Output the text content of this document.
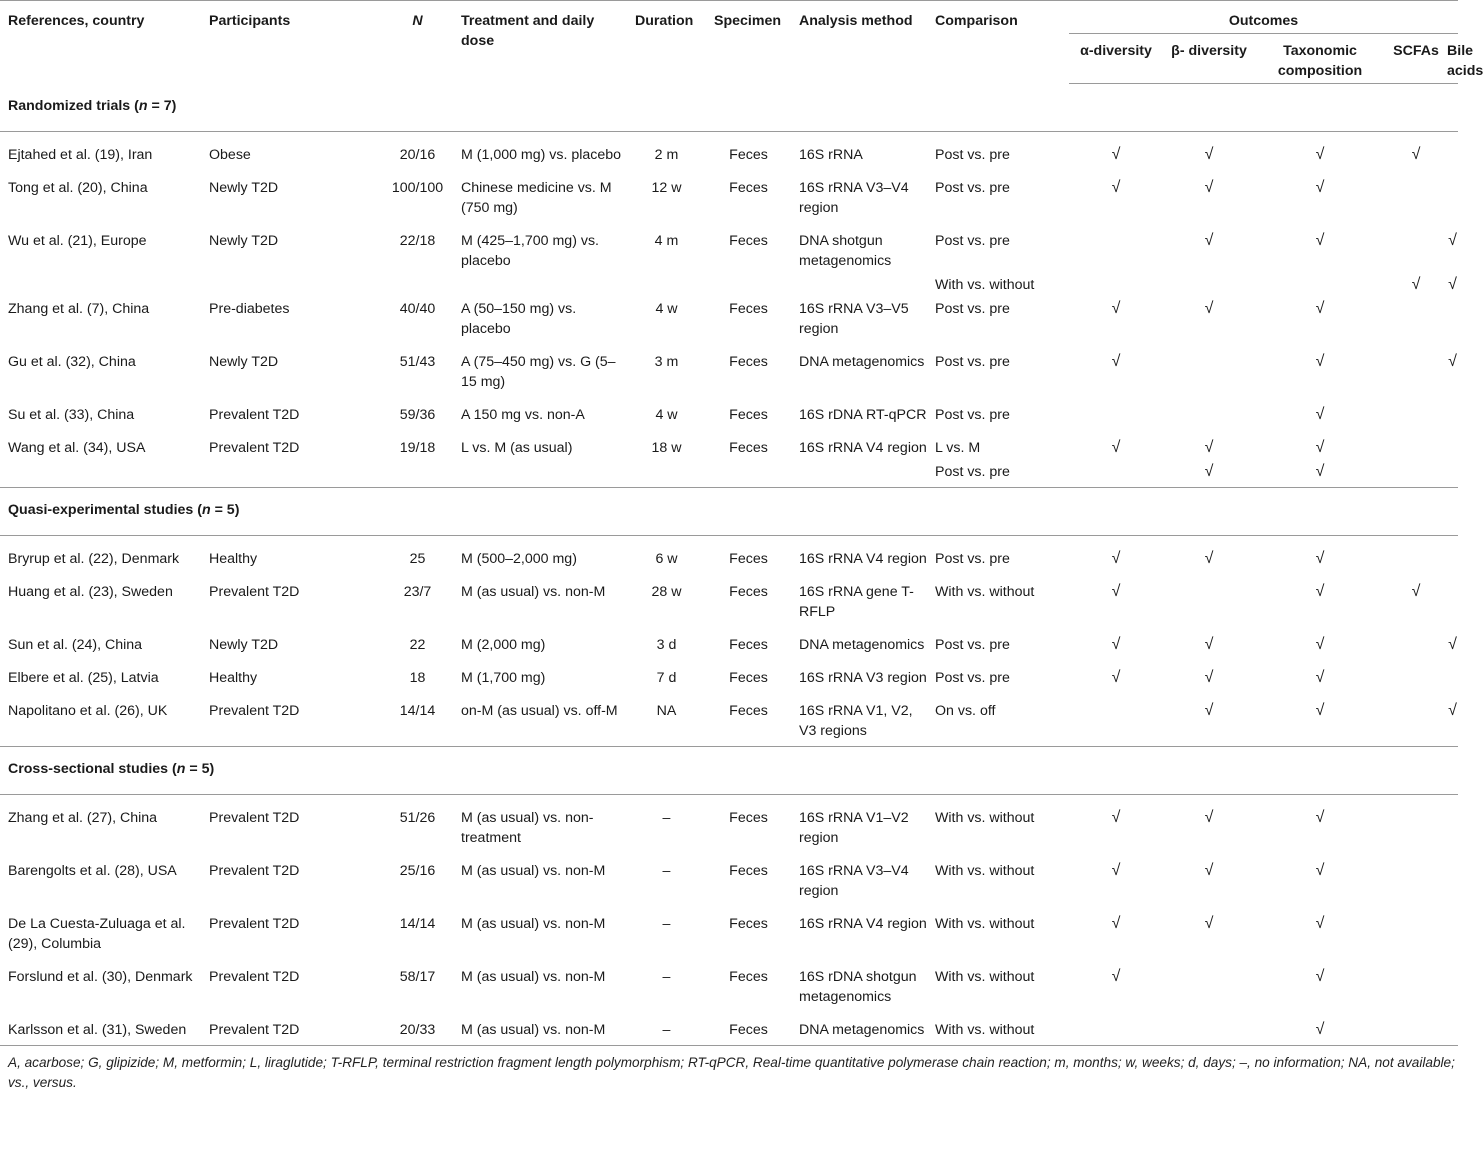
References, country	Participants	N	Treatment and daily dose	Duration	Specimen	Analysis method	Comparison	Outcomes				
								α-diversity	β- diversity	Taxonomic composition	SCFAs	Bile acids
Randomized trials (n = 7)												
Ejtahed et al. (19), Iran	Obese	20/16	M (1,000 mg) vs. placebo	2 m	Feces	16S rRNA	Post vs. pre	√	√	√	√	
Tong et al. (20), China	Newly T2D	100/100	Chinese medicine vs. M (750 mg)	12 w	Feces	16S rRNA V3–V4 region	Post vs. pre	√	√	√		
Wu et al. (21), Europe	Newly T2D	22/18	M (425–1,700 mg) vs. placebo	4 m	Feces	DNA shotgun metagenomics	Post vs. pre		√	√		√
							With vs. without				√	√
Zhang et al. (7), China	Pre-diabetes	40/40	A (50–150 mg) vs. placebo	4 w	Feces	16S rRNA V3–V5 region	Post vs. pre	√	√	√		
Gu et al. (32), China	Newly T2D	51/43	A (75–450 mg) vs. G (5–15 mg)	3 m	Feces	DNA metagenomics	Post vs. pre	√		√		√
Su et al. (33), China	Prevalent T2D	59/36	A 150 mg vs. non-A	4 w	Feces	16S rDNA RT-qPCR	Post vs. pre			√		
Wang et al. (34), USA	Prevalent T2D	19/18	L vs. M (as usual)	18 w	Feces	16S rRNA V4 region	L vs. M	√	√	√		
							Post vs. pre		√	√		
Quasi-experimental studies (n = 5)												
Bryrup et al. (22), Denmark	Healthy	25	M (500–2,000 mg)	6 w	Feces	16S rRNA V4 region	Post vs. pre	√	√	√		
Huang et al. (23), Sweden	Prevalent T2D	23/7	M (as usual) vs. non-M	28 w	Feces	16S rRNA gene T-RFLP	With vs. without	√		√	√	
Sun et al. (24), China	Newly T2D	22	M (2,000 mg)	3 d	Feces	DNA metagenomics	Post vs. pre	√	√	√		√
Elbere et al. (25), Latvia	Healthy	18	M (1,700 mg)	7 d	Feces	16S rRNA V3 region	Post vs. pre	√	√	√		
Napolitano et al. (26), UK	Prevalent T2D	14/14	on-M (as usual) vs. off-M	NA	Feces	16S rRNA V1, V2, V3 regions	On vs. off		√	√		√
Cross-sectional studies (n = 5)												
Zhang et al. (27), China	Prevalent T2D	51/26	M (as usual) vs. non-treatment	–	Feces	16S rRNA V1–V2 region	With vs. without	√	√	√		
Barengolts et al. (28), USA	Prevalent T2D	25/16	M (as usual) vs. non-M	–	Feces	16S rRNA V3–V4 region	With vs. without	√	√	√		
De La Cuesta-Zuluaga et al. (29), Columbia	Prevalent T2D	14/14	M (as usual) vs. non-M	–	Feces	16S rRNA V4 region	With vs. without	√	√	√		
Forslund et al. (30), Denmark	Prevalent T2D	58/17	M (as usual) vs. non-M	–	Feces	16S rDNA shotgun metagenomics	With vs. without	√		√		
Karlsson et al. (31), Sweden	Prevalent T2D	20/33	M (as usual) vs. non-M	–	Feces	DNA metagenomics	With vs. without			√		
A, acarbose; G, glipizide; M, metformin; L, liraglutide; T-RFLP, terminal restriction fragment length polymorphism; RT-qPCR, Real-time quantitative polymerase chain reaction; m, months; w, weeks; d, days; –, no information; NA, not available; vs., versus.												
